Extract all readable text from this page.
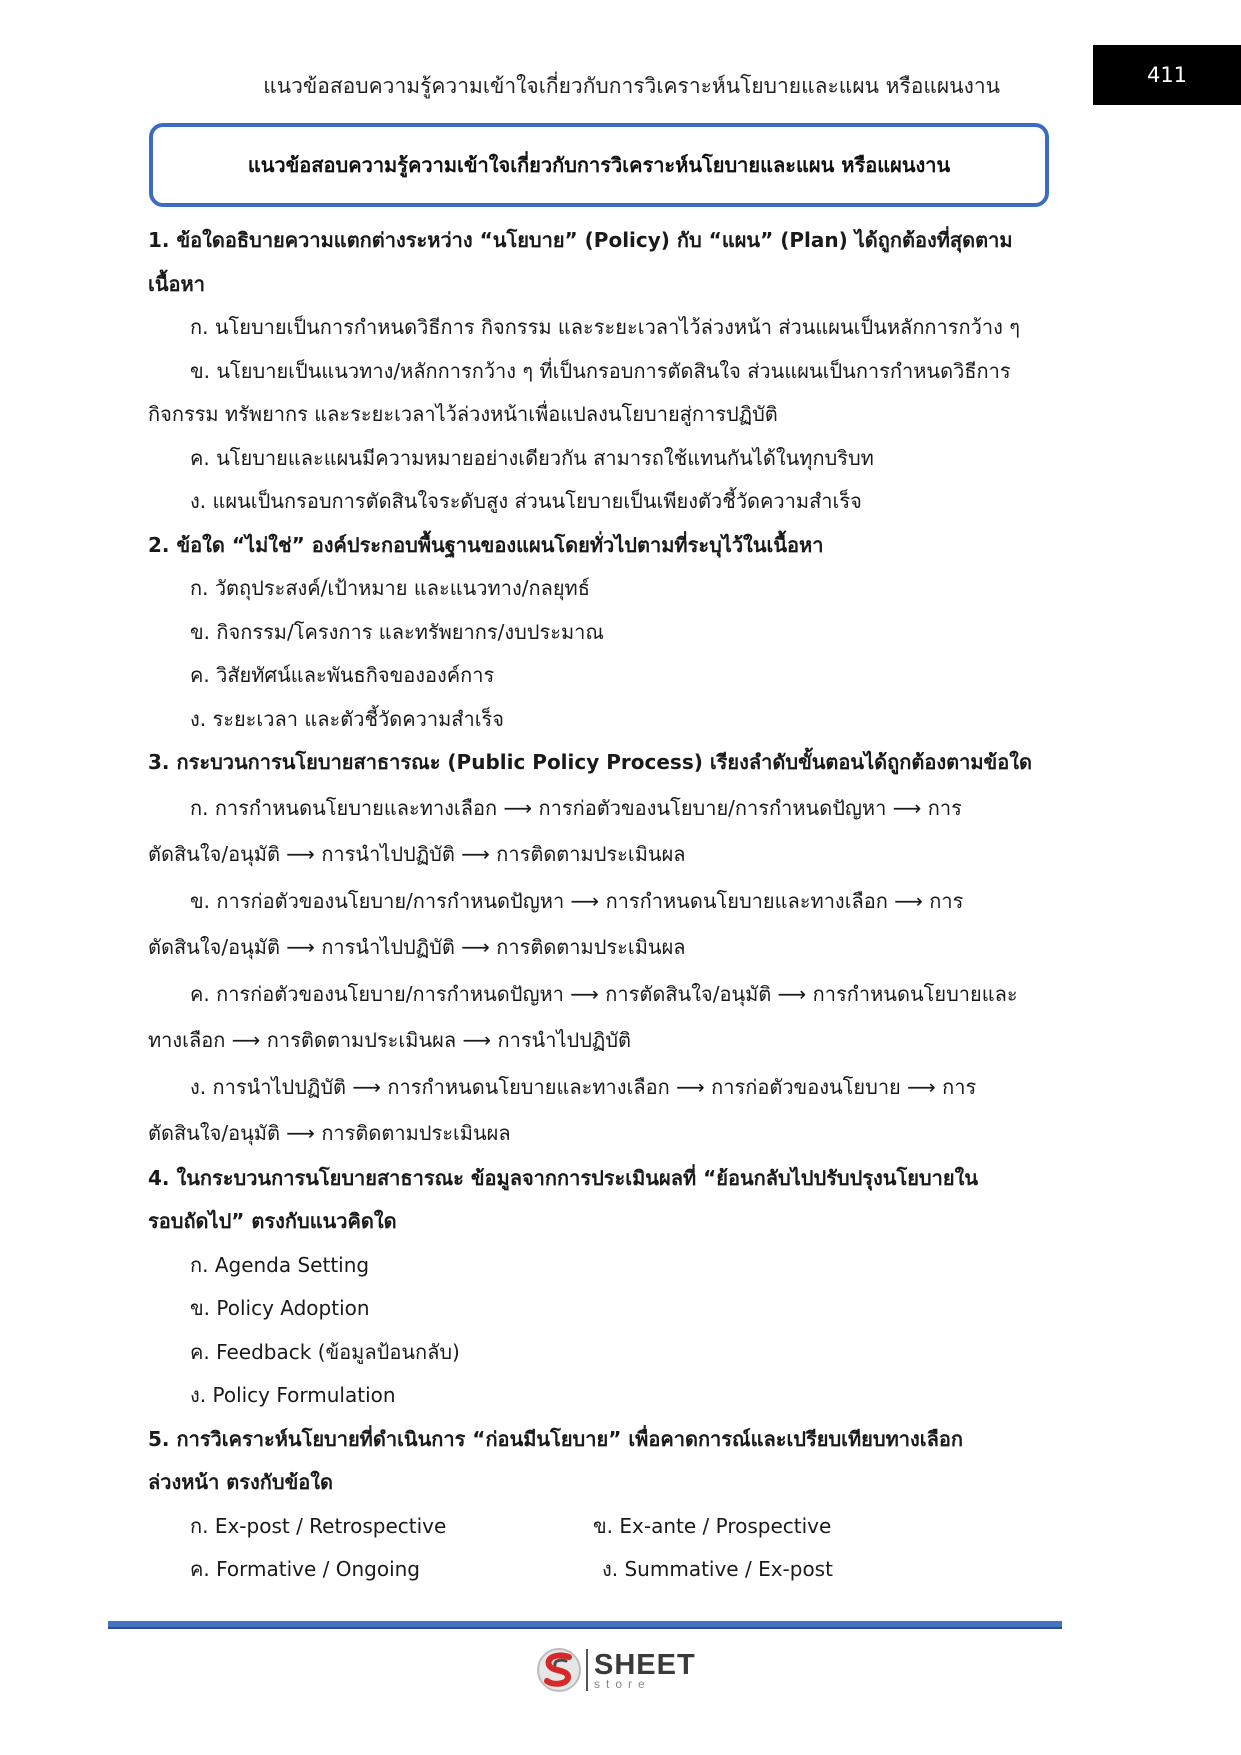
แนวข้อสอบความรู้ความเข้าใจเกี่ยวกับการวิเคราะห์นโยบายและแผน หรือแผนงาน	411
แนวข้อสอบความรู้ความเข้าใจเกี่ยวกับการวิเคราะห์นโยบายและแผน หรือแผนงาน
1. ข้อใดอธิบายความแตกต่างระหว่าง “นโยบาย” (Policy) กับ “แผน” (Plan) ได้ถูกต้องที่สุดตาม
เนื้อหา
ก. นโยบายเป็นการกำหนดวิธีการ กิจกรรม และระยะเวลาไว้ล่วงหน้า ส่วนแผนเป็นหลักการกว้าง ๆ
ข. นโยบายเป็นแนวทาง/หลักการกว้าง ๆ ที่เป็นกรอบการตัดสินใจ ส่วนแผนเป็นการกำหนดวิธีการ
กิจกรรม ทรัพยากร และระยะเวลาไว้ล่วงหน้าเพื่อแปลงนโยบายสู่การปฏิบัติ
ค. นโยบายและแผนมีความหมายอย่างเดียวกัน สามารถใช้แทนกันได้ในทุกบริบท
ง. แผนเป็นกรอบการตัดสินใจระดับสูง ส่วนนโยบายเป็นเพียงตัวชี้วัดความสำเร็จ
2. ข้อใด “ไม่ใช่” องค์ประกอบพื้นฐานของแผนโดยทั่วไปตามที่ระบุไว้ในเนื้อหา
ก. วัตถุประสงค์/เป้าหมาย และแนวทาง/กลยุทธ์
ข. กิจกรรม/โครงการ และทรัพยากร/งบประมาณ
ค. วิสัยทัศน์และพันธกิจขององค์การ
ง. ระยะเวลา และตัวชี้วัดความสำเร็จ
3. กระบวนการนโยบายสาธารณะ (Public Policy Process) เรียงลำดับขั้นตอนได้ถูกต้องตามข้อใด
ก. การกำหนดนโยบายและทางเลือก ⟶ การก่อตัวของนโยบาย/การกำหนดปัญหา ⟶ การ
ตัดสินใจ/อนุมัติ ⟶ การนำไปปฏิบัติ ⟶ การติดตามประเมินผล
ข. การก่อตัวของนโยบาย/การกำหนดปัญหา ⟶ การกำหนดนโยบายและทางเลือก ⟶ การ
ตัดสินใจ/อนุมัติ ⟶ การนำไปปฏิบัติ ⟶ การติดตามประเมินผล
ค. การก่อตัวของนโยบาย/การกำหนดปัญหา ⟶ การตัดสินใจ/อนุมัติ ⟶ การกำหนดนโยบายและ
ทางเลือก ⟶ การติดตามประเมินผล ⟶ การนำไปปฏิบัติ
ง. การนำไปปฏิบัติ ⟶ การกำหนดนโยบายและทางเลือก ⟶ การก่อตัวของนโยบาย ⟶ การ
ตัดสินใจ/อนุมัติ ⟶ การติดตามประเมินผล
4. ในกระบวนการนโยบายสาธารณะ ข้อมูลจากการประเมินผลที่ “ย้อนกลับไปปรับปรุงนโยบายใน
รอบถัดไป” ตรงกับแนวคิดใด
ก. Agenda Setting
ข. Policy Adoption
ค. Feedback (ข้อมูลป้อนกลับ)
ง. Policy Formulation
5. การวิเคราะห์นโยบายที่ดำเนินการ “ก่อนมีนโยบาย” เพื่อคาดการณ์และเปรียบเทียบทางเลือก
ล่วงหน้า ตรงกับข้อใด
ก. Ex-post / Retrospective	ข. Ex-ante / Prospective
ค. Formative / Ongoing	ง. Summative / Ex-post
SHEET
store
